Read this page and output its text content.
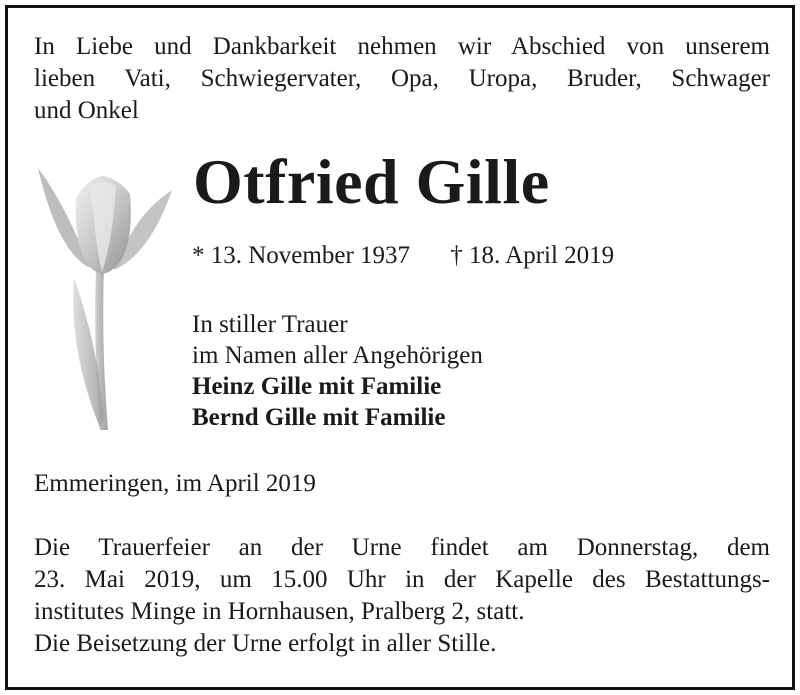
In Liebe und Dankbarkeit nehmen wir Abschied von unserem
lieben Vati, Schwiegervater, Opa, Uropa, Bruder, Schwager
und Onkel
Otfried Gille
* 13. November 1937 † 18. April 2019
In stiller Trauer
im Namen aller Angehörigen
Heinz Gille mit Familie
Bernd Gille mit Familie
Emmeringen, im April 2019
Die Trauerfeier an der Urne findet am Donnerstag, dem
23. Mai 2019, um 15.00 Uhr in der Kapelle des Bestattungs-
institutes Minge in Hornhausen, Pralberg 2, statt.
Die Beisetzung der Urne erfolgt in aller Stille.
